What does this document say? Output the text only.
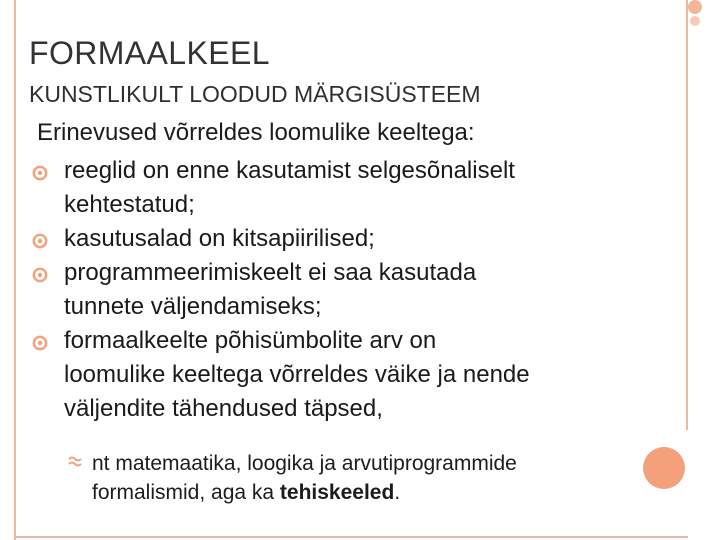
FORMAALKEEL
KUNSTLIKULT LOODUD MÄRGISÜSTEEM
Erinevused võrreldes loomulike keeltega:
reeglid on enne kasutamist selgesõnaliselt
kehtestatud;
kasutusalad on kitsapiirilised;
programmeerimiskeelt ei saa kasutada
tunnete väljendamiseks;
formaalkeelte põhisümbolite arv on
loomulike keeltega võrreldes väike ja nende
väljendite tähendused täpsed,
nt matemaatika, loogika ja arvutiprogrammide
formalismid, aga ka tehiskeeled.
